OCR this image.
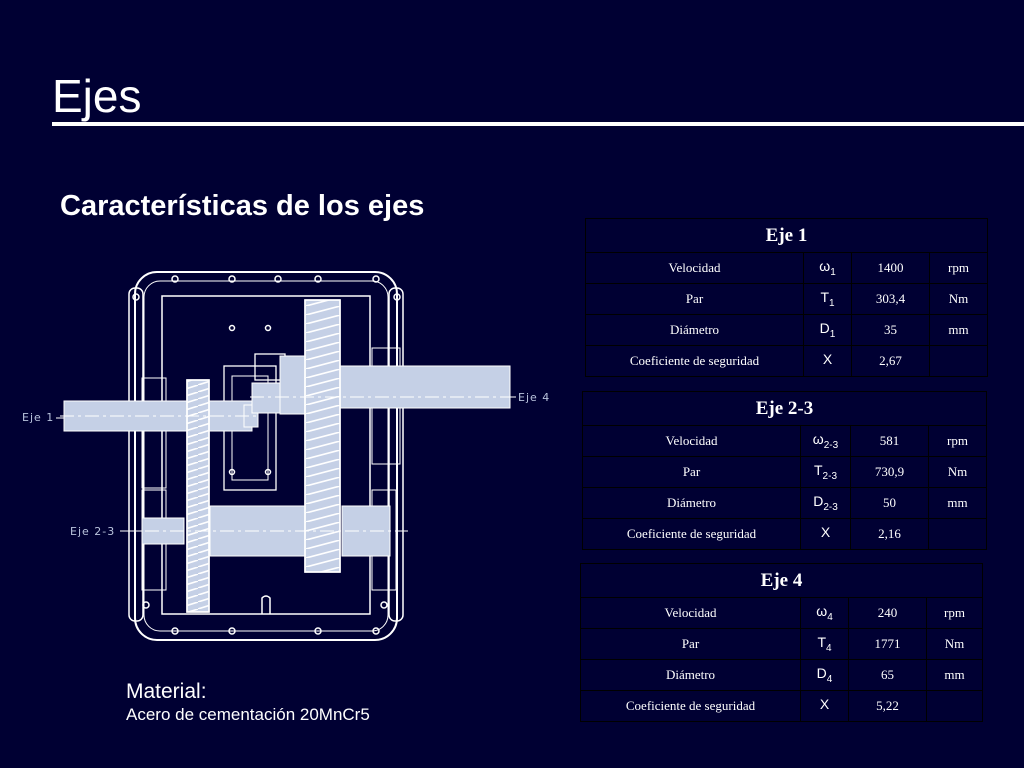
Ejes
Características de los ejes
Eje 1
Eje 4
Eje 2-3
Material:
Acero de cementación 20MnCr5
Eje 1			
Velocidad	$\omega_1$	1400	rpm
Par	$T_1$	303,4	Nm
Diámetro	$D_1$	35	mm
Coeficiente de seguridad	X	2,67	
Eje 2-3			
Velocidad	$\omega_{2-3}$	581	rpm
Par	$T_{2-3}$	730,9	Nm
Diámetro	$D_{2-3}$	50	mm
Coeficiente de seguridad	X	2,16	
Eje 4			
Velocidad	$\omega_4$	240	rpm
Par	$T_4$	1771	Nm
Diámetro	$D_4$	65	mm
Coeficiente de seguridad	X	5,22	
